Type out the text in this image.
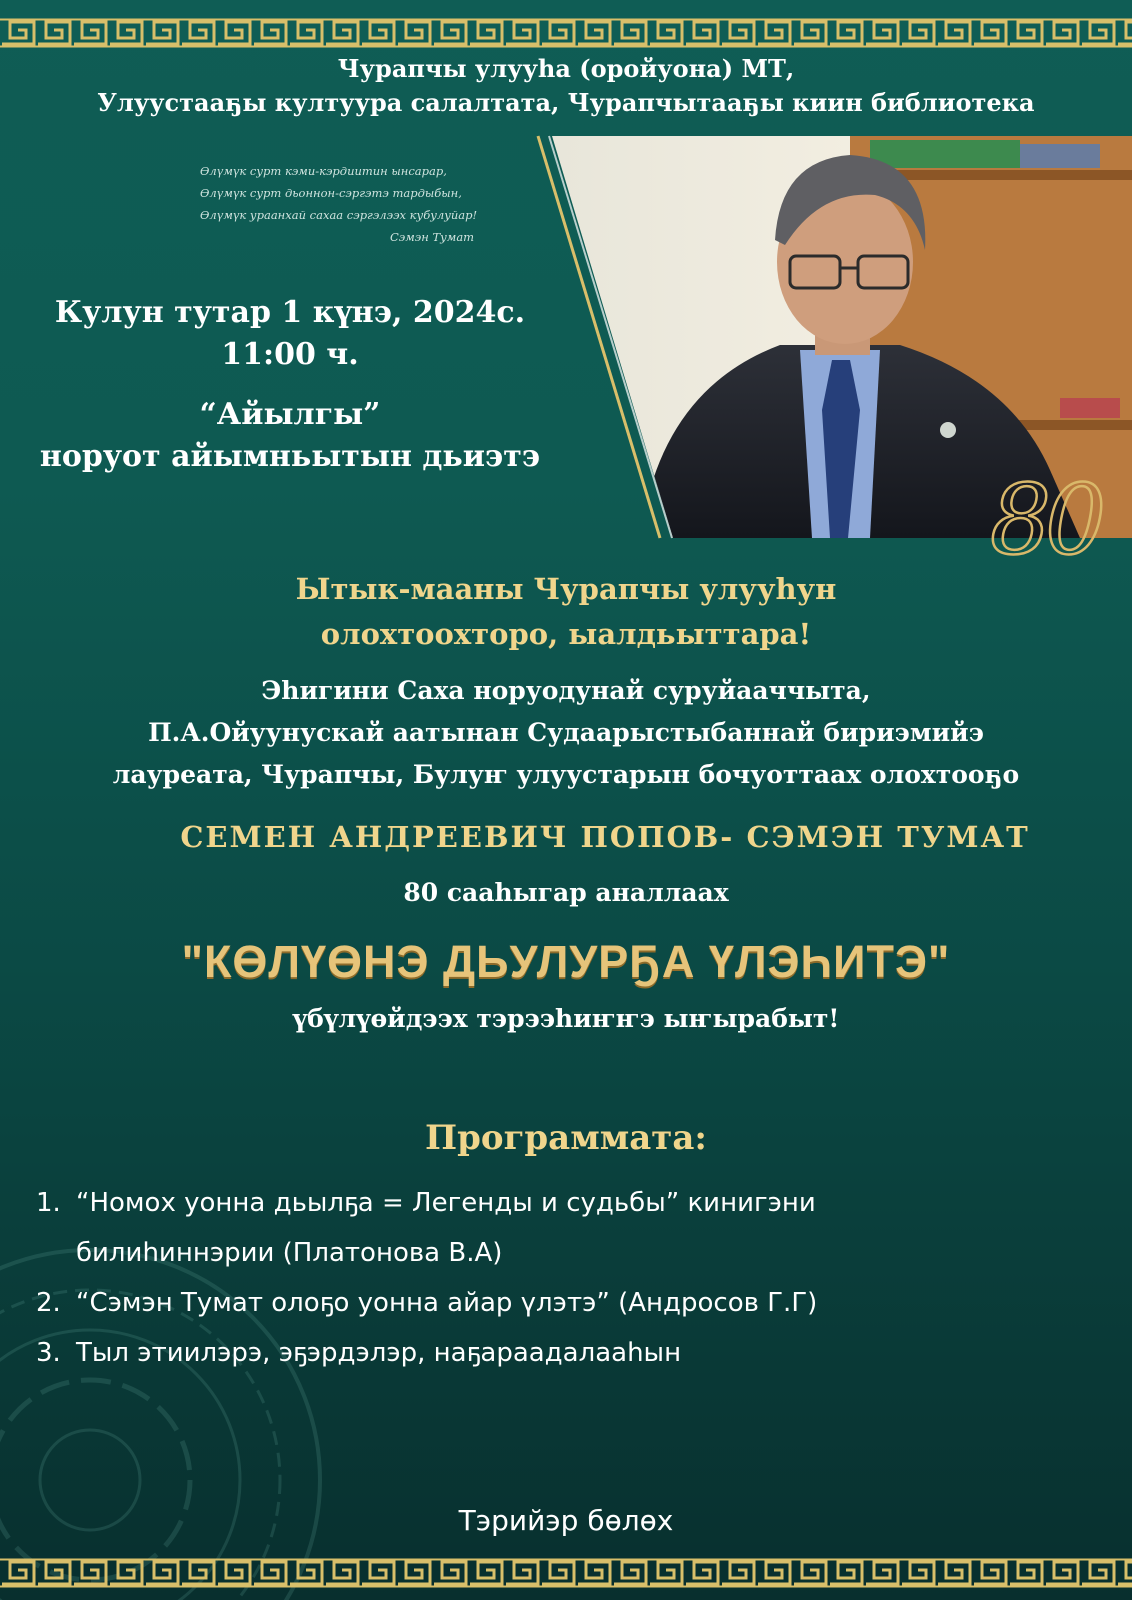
Чурапчы улууһа (оройуона) МТ,
Улуустааҕы култуура салалтата, Чурапчытааҕы киин библиотека
Өлүмүк сурт кэми-кэрдиитин ынсарар,
Өлүмүк сурт дьоннон-сэргэтэ тардыбын,
Өлүмүк ураанхай сахаа сэргэлээх кубулуйар!
Сэмэн Тумат
Кулун тутар 1 күнэ, 2024с.
11:00 ч.
“Айылгы”
норуот айымньытын дьиэтэ
80
Ытык-мааны Чурапчы улууһун
олохтоохторо, ыалдьыттара!
Эһигини Саха норуодунай суруйааччыта,
П.А.Ойуунускай аатынан Судаарыстыбаннай бириэмийэ
лауреата, Чурапчы, Булуҥ улуустарын бочуоттаах олохтооҕо
СЕМЕН АНДРЕЕВИЧ ПОПОВ- СЭМЭН ТУМАТ
80 сааһыгар аналлаах
"КӨЛҮӨНЭ ДЬУЛУРҔА ҮЛЭҺИТЭ"
үбүлүөйдээх тэрээһиҥҥэ ыҥырабыт!
Программата:
1. “Номох уонна дьылҕа = Легенды и судьбы” кинигэни
билиһиннэрии (Платонова В.А)
2. “Сэмэн Тумат олоҕо уонна айар үлэтэ” (Андросов Г.Г)
3. Тыл этиилэрэ, эҕэрдэлэр, наҕараадалааһын
Тэрийэр бөлөх
